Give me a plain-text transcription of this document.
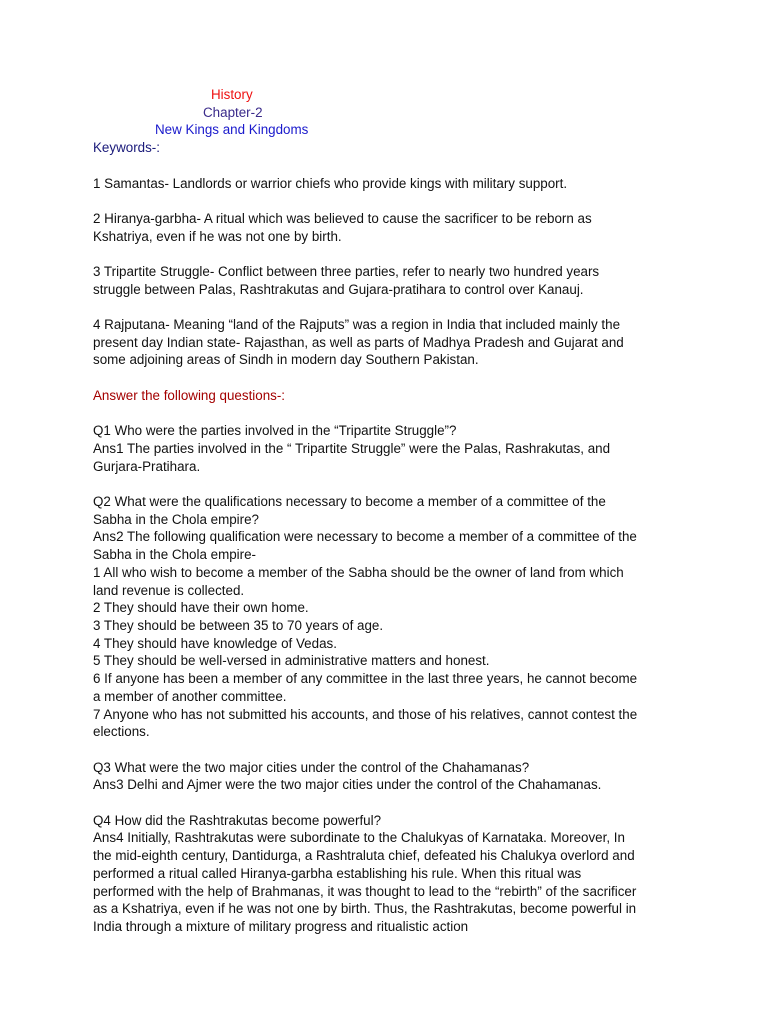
History
Chapter-2
New Kings and Kingdoms
Keywords-:
1 Samantas- Landlords or warrior chiefs who provide kings with military support.
2 Hiranya-garbha- A ritual which was believed to cause the sacrificer to be reborn as
Kshatriya, even if he was not one by birth.
3 Tripartite Struggle- Conflict between three parties, refer to nearly two hundred years
struggle between Palas, Rashtrakutas and Gujara-pratihara to control over Kanauj.
4 Rajputana- Meaning “land of the Rajputs” was a region in India that included mainly the
present day Indian state- Rajasthan, as well as parts of Madhya Pradesh and Gujarat and
some adjoining areas of Sindh in modern day Southern Pakistan.
Answer the following questions-:
Q1 Who were the parties involved in the “Tripartite Struggle”?
Ans1 The parties involved in the “ Tripartite Struggle” were the Palas, Rashrakutas, and
Gurjara-Pratihara.
Q2 What were the qualifications necessary to become a member of a committee of the
Sabha in the Chola empire?
Ans2 The following qualification were necessary to become a member of a committee of the
Sabha in the Chola empire-
1 All who wish to become a member of the Sabha should be the owner of land from which
land revenue is collected.
2 They should have their own home.
3 They should be between 35 to 70 years of age.
4 They should have knowledge of Vedas.
5 They should be well-versed in administrative matters and honest.
6 If anyone has been a member of any committee in the last three years, he cannot become
a member of another committee.
7 Anyone who has not submitted his accounts, and those of his relatives, cannot contest the
elections.
Q3 What were the two major cities under the control of the Chahamanas?
Ans3 Delhi and Ajmer were the two major cities under the control of the Chahamanas.
Q4 How did the Rashtrakutas become powerful?
Ans4 Initially, Rashtrakutas were subordinate to the Chalukyas of Karnataka. Moreover, In
the mid-eighth century, Dantidurga, a Rashtraluta chief, defeated his Chalukya overlord and
performed a ritual called Hiranya-garbha establishing his rule. When this ritual was
performed with the help of Brahmanas, it was thought to lead to the “rebirth” of the sacrificer
as a Kshatriya, even if he was not one by birth. Thus, the Rashtrakutas, become powerful in
India through a mixture of military progress and ritualistic action
